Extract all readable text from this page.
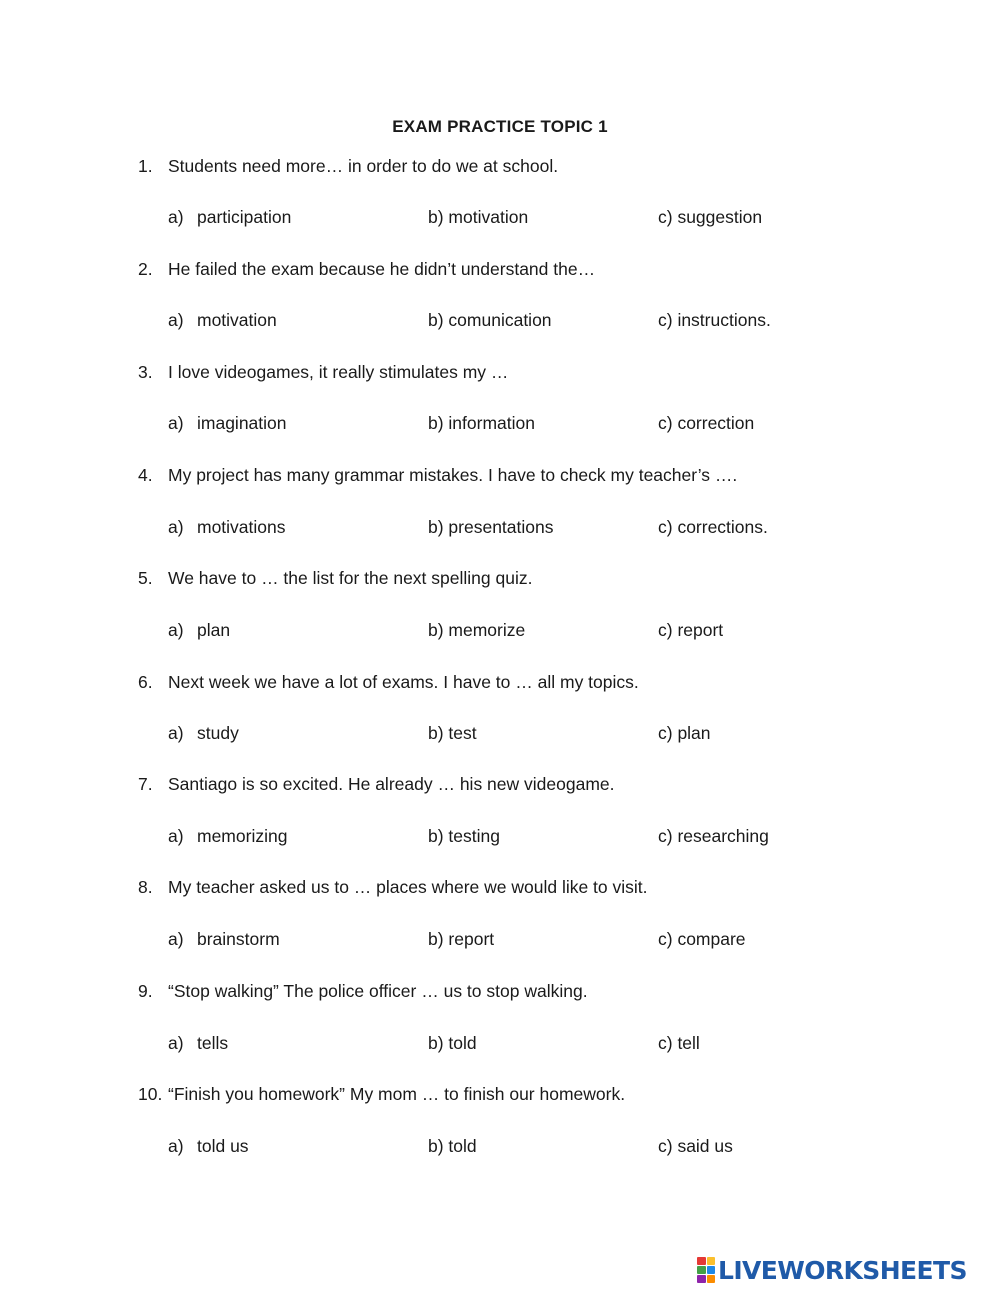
EXAM PRACTICE TOPIC 1
1. Students need more… in order to do we at school.
a) participation	b) motivation	c) suggestion
2. He failed the exam because he didn’t understand the…
a) motivation	b) comunication	c) instructions.
3. I love videogames, it really stimulates my …
a) imagination	b) information	c) correction
4. My project has many grammar mistakes. I have to check my teacher’s ….
a) motivations	b) presentations	c) corrections.
5. We have to … the list for the next spelling quiz.
a) plan	b) memorize	c) report
6. Next week we have a lot of exams. I have to … all my topics.
a) study	b) test	c) plan
7. Santiago is so excited. He already … his new videogame.
a) memorizing	b) testing	c) researching
8. My teacher asked us to … places where we would like to visit.
a) brainstorm	b) report	c) compare
9. “Stop walking” The police officer … us to stop walking.
a) tells	b) told	c) tell
10. “Finish you homework” My mom … to finish our homework.
a) told us	b) told	c) said us
LIVEWORKSHEETS
